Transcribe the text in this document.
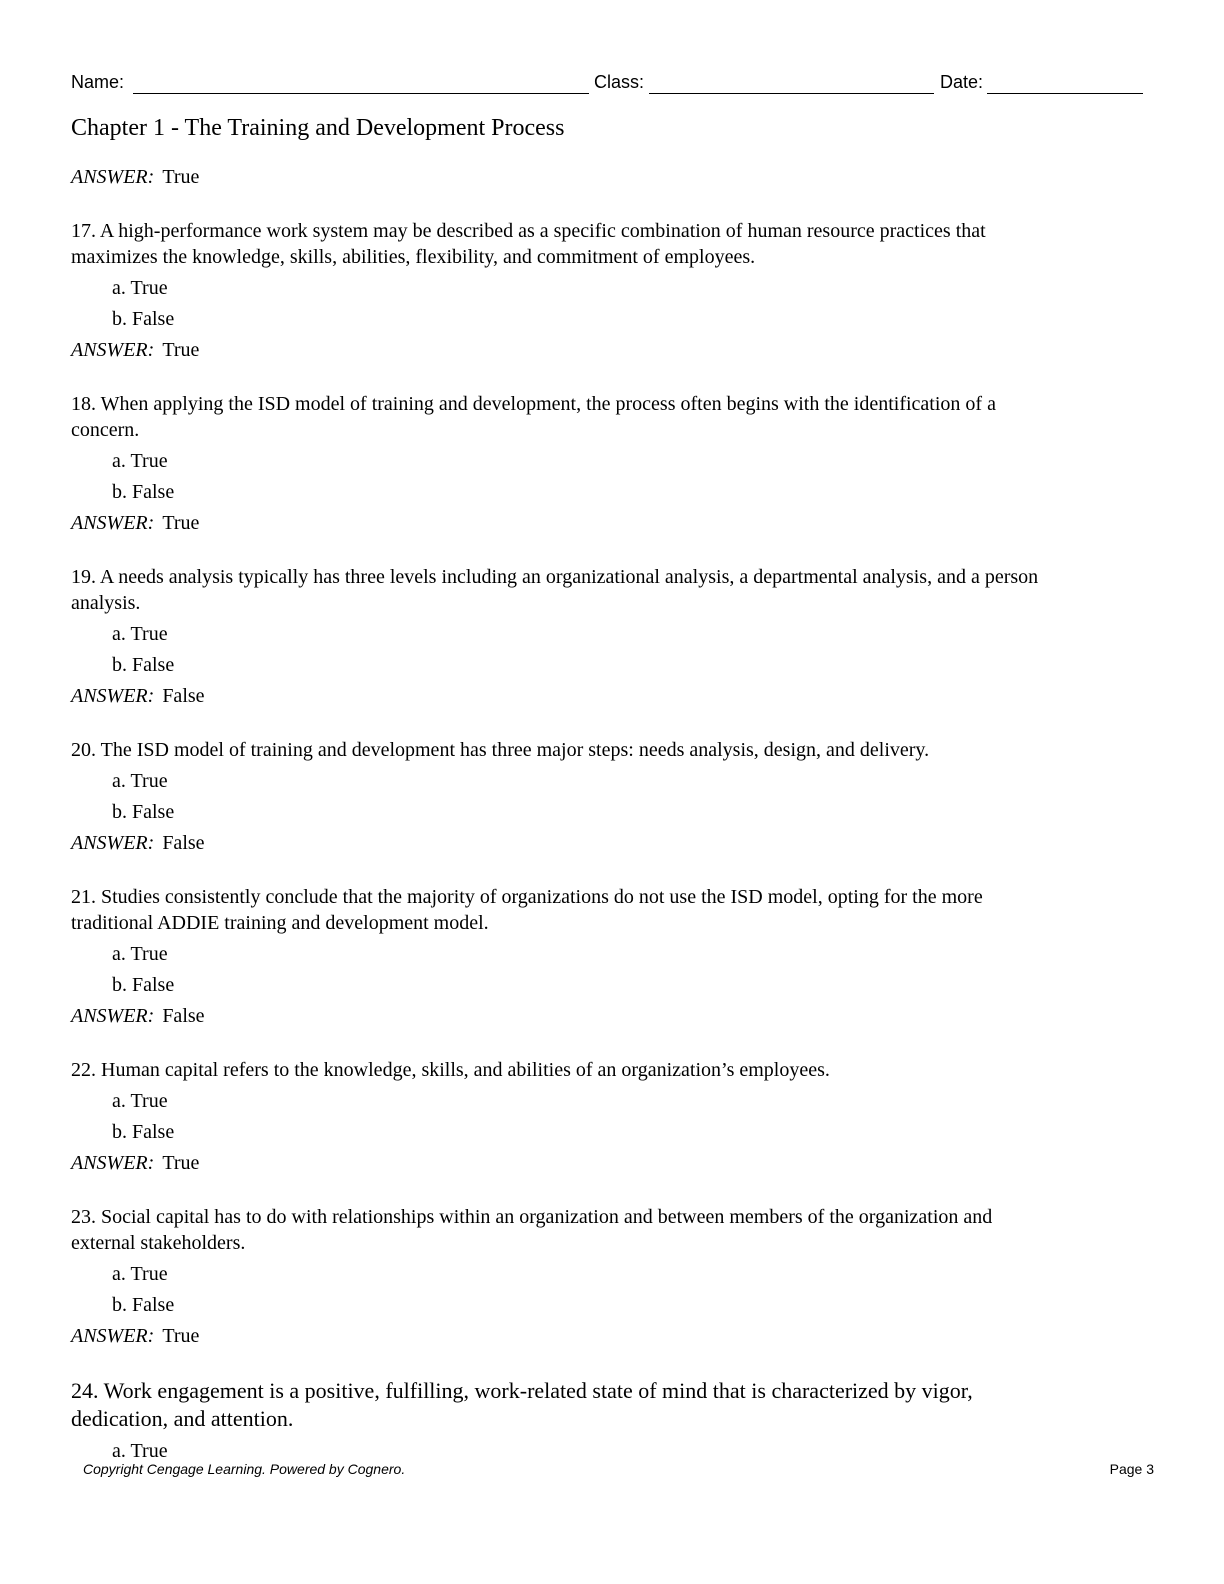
Name:	Class:	Date:
Chapter 1 - The Training and Development Process

ANSWER: True

17. A high-performance work system may be described as a specific combination of human resource practices that
maximizes the knowledge, skills, abilities, flexibility, and commitment of employees.

a. True

b. False

ANSWER: True

18. When applying the ISD model of training and development, the process often begins with the identification of a
concern.

a. True

b. False

ANSWER: True

19. A needs analysis typically has three levels including an organizational analysis, a departmental analysis, and a person
analysis.

a. True

b. False

ANSWER: False

20. The ISD model of training and development has three major steps: needs analysis, design, and delivery.

a. True

b. False

ANSWER: False

21. Studies consistently conclude that the majority of organizations do not use the ISD model, opting for the more
traditional ADDIE training and development model.

a. True

b. False

ANSWER: False

22. Human capital refers to the knowledge, skills, and abilities of an organization’s employees.

a. True

b. False

ANSWER: True

23. Social capital has to do with relationships within an organization and between members of the organization and
external stakeholders.

a. True

b. False

ANSWER: True

24. Work engagement is a positive, fulfilling, work-related state of mind that is characterized by vigor,
dedication, and attention.

a. True

Copyright Cengage Learning. Powered by Cognero.	Page 3
